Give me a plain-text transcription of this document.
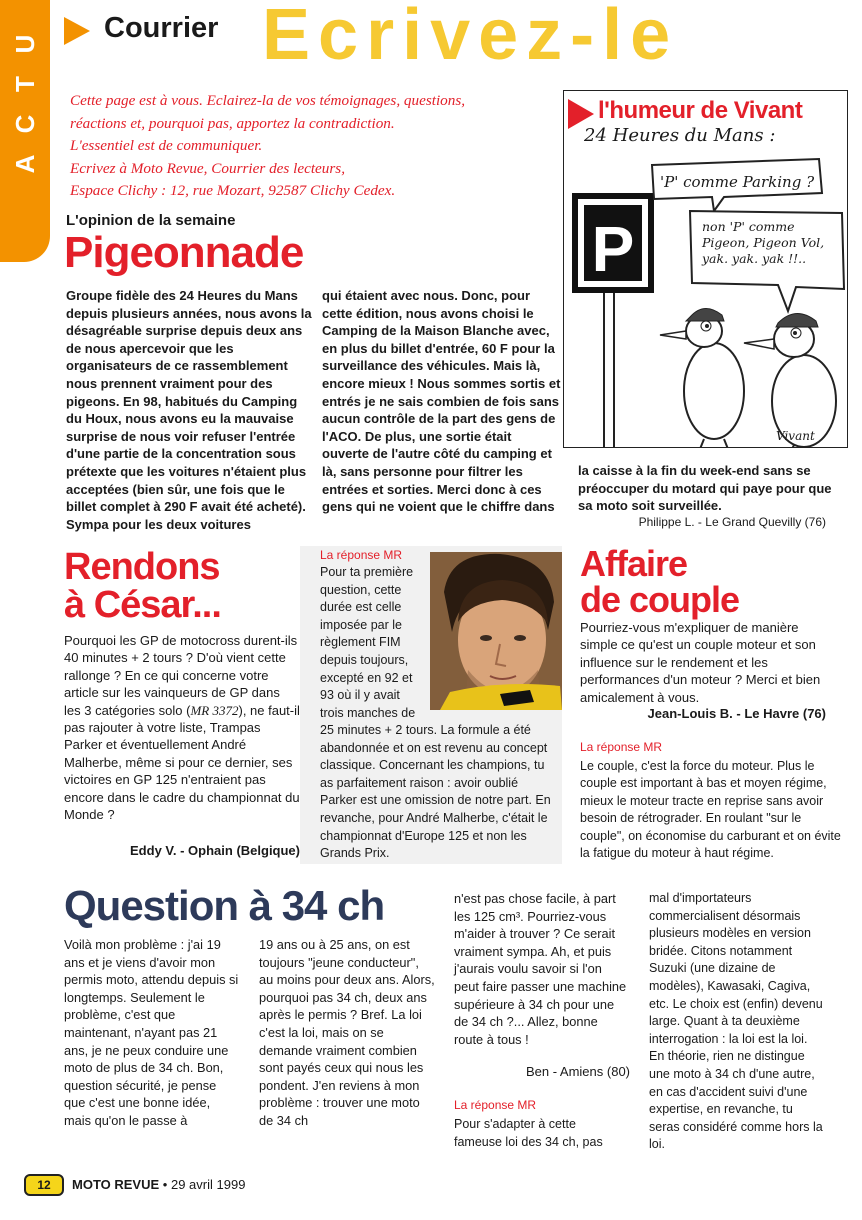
U
T
C
A
Courrier Ecrivez-le
Cette page est à vous. Eclairez-la de vos témoignages, questions,
réactions et, pourquoi pas, apportez la contradiction.
L'essentiel est de communiquer.
Ecrivez à Moto Revue, Courrier des lecteurs,
Espace Clichy : 12, rue Mozart, 92587 Clichy Cedex.
l'humeur de Vivant
24 Heures du Mans :
P
'P' comme Parking ?
non 'P' comme
Pigeon, Pigeon Vol,
yak. yak. yak !!..
Vivant
L'opinion de la semaine
Pigeonnade
Groupe fidèle des 24 Heures du Mans depuis plusieurs années, nous avons la désagréable surprise depuis deux ans de nous apercevoir que les organisateurs de ce rassemblement nous prennent vraiment pour des pigeons. En 98, habitués du Camping du Houx, nous avons eu la mauvaise surprise de nous voir refuser l'entrée d'une partie de la concentration sous prétexte que les voitures n'étaient plus acceptées (bien sûr, une fois que le billet complet à 290 F avait été acheté). Sympa pour les deux voitures
qui étaient avec nous. Donc, pour cette édition, nous avons choisi le Camping de la Maison Blanche avec, en plus du billet d'entrée, 60 F pour la surveillance des véhicules. Mais là, encore mieux ! Nous sommes sortis et entrés je ne sais combien de fois sans aucun contrôle de la part des gens de l'ACO. De plus, une sortie était ouverte de l'autre côté du camping et là, sans personne pour filtrer les entrées et sorties. Merci donc à ces gens qui ne voient que le chiffre dans
la caisse à la fin du week-end sans se préoccuper du motard qui paye pour que sa moto soit surveillée.
Philippe L. - Le Grand Quevilly (76)
Rendons
à César...
Pourquoi les GP de motocross durent-ils 40 minutes + 2 tours ? D'où vient cette rallonge ? En ce qui concerne votre article sur les vainqueurs de GP dans les 3 catégories solo (MR 3372), ne faut-il pas rajouter à votre liste, Trampas Parker et éventuellement André Malherbe, même si pour ce dernier, ses victoires en GP 125 n'entraient pas encore dans le cadre du championnat du Monde ?
Eddy V. - Ophain (Belgique)
La réponse MR
Pour ta première
question, cette
durée est celle
imposée par le
règlement FIM
depuis toujours,
excepté en 92 et
93 où il y avait
trois manches de
25 minutes + 2 tours. La formule a été abandonnée et on est revenu au concept classique. Concernant les champions, tu as parfaitement raison : avoir oublié Parker est une omission de notre part. En revanche, pour André Malherbe, c'était le championnat d'Europe 125 et non les Grands Prix.
Affaire
de couple
Pourriez-vous m'expliquer de manière simple ce qu'est un couple moteur et son influence sur le rendement et les performances d'un moteur ? Merci et bien amicalement à vous.
Jean-Louis B. - Le Havre (76)
La réponse MR
Le couple, c'est la force du moteur. Plus le couple est important à bas et moyen régime, mieux le moteur tracte en reprise sans avoir besoin de rétrograder. En roulant "sur le couple", on économise du carburant et on évite la fatigue du moteur à haut régime.
Question à 34 ch
Voilà mon problème : j'ai 19 ans et je viens d'avoir mon permis moto, attendu depuis si longtemps. Seulement le problème, c'est que maintenant, n'ayant pas 21 ans, je ne peux conduire une moto de plus de 34 ch. Bon, question sécurité, je pense que c'est une bonne idée, mais qu'on le passe à
19 ans ou à 25 ans, on est toujours "jeune conducteur", au moins pour deux ans. Alors, pourquoi pas 34 ch, deux ans après le permis ? Bref. La loi c'est la loi, mais on se demande vraiment combien sont payés ceux qui nous les pondent. J'en reviens à mon problème : trouver une moto de 34 ch
n'est pas chose facile, à part les 125 cm³. Pourriez-vous m'aider à trouver ? Ce serait vraiment sympa. Ah, et puis j'aurais voulu savoir si l'on peut faire passer une machine supérieure à 34 ch pour une de 34 ch ?... Allez, bonne route à tous !
Ben - Amiens (80)
La réponse MR
Pour s'adapter à cette fameuse loi des 34 ch, pas
mal d'importateurs commercialisent désormais plusieurs modèles en version bridée. Citons notamment Suzuki (une dizaine de modèles), Kawasaki, Cagiva, etc. Le choix est (enfin) devenu large. Quant à ta deuxième interrogation : la loi est la loi. En théorie, rien ne distingue une moto à 34 ch d'une autre, en cas d'accident suivi d'une expertise, en revanche, tu seras considéré comme hors la loi.
12	MOTO REVUE • 29 avril 1999
